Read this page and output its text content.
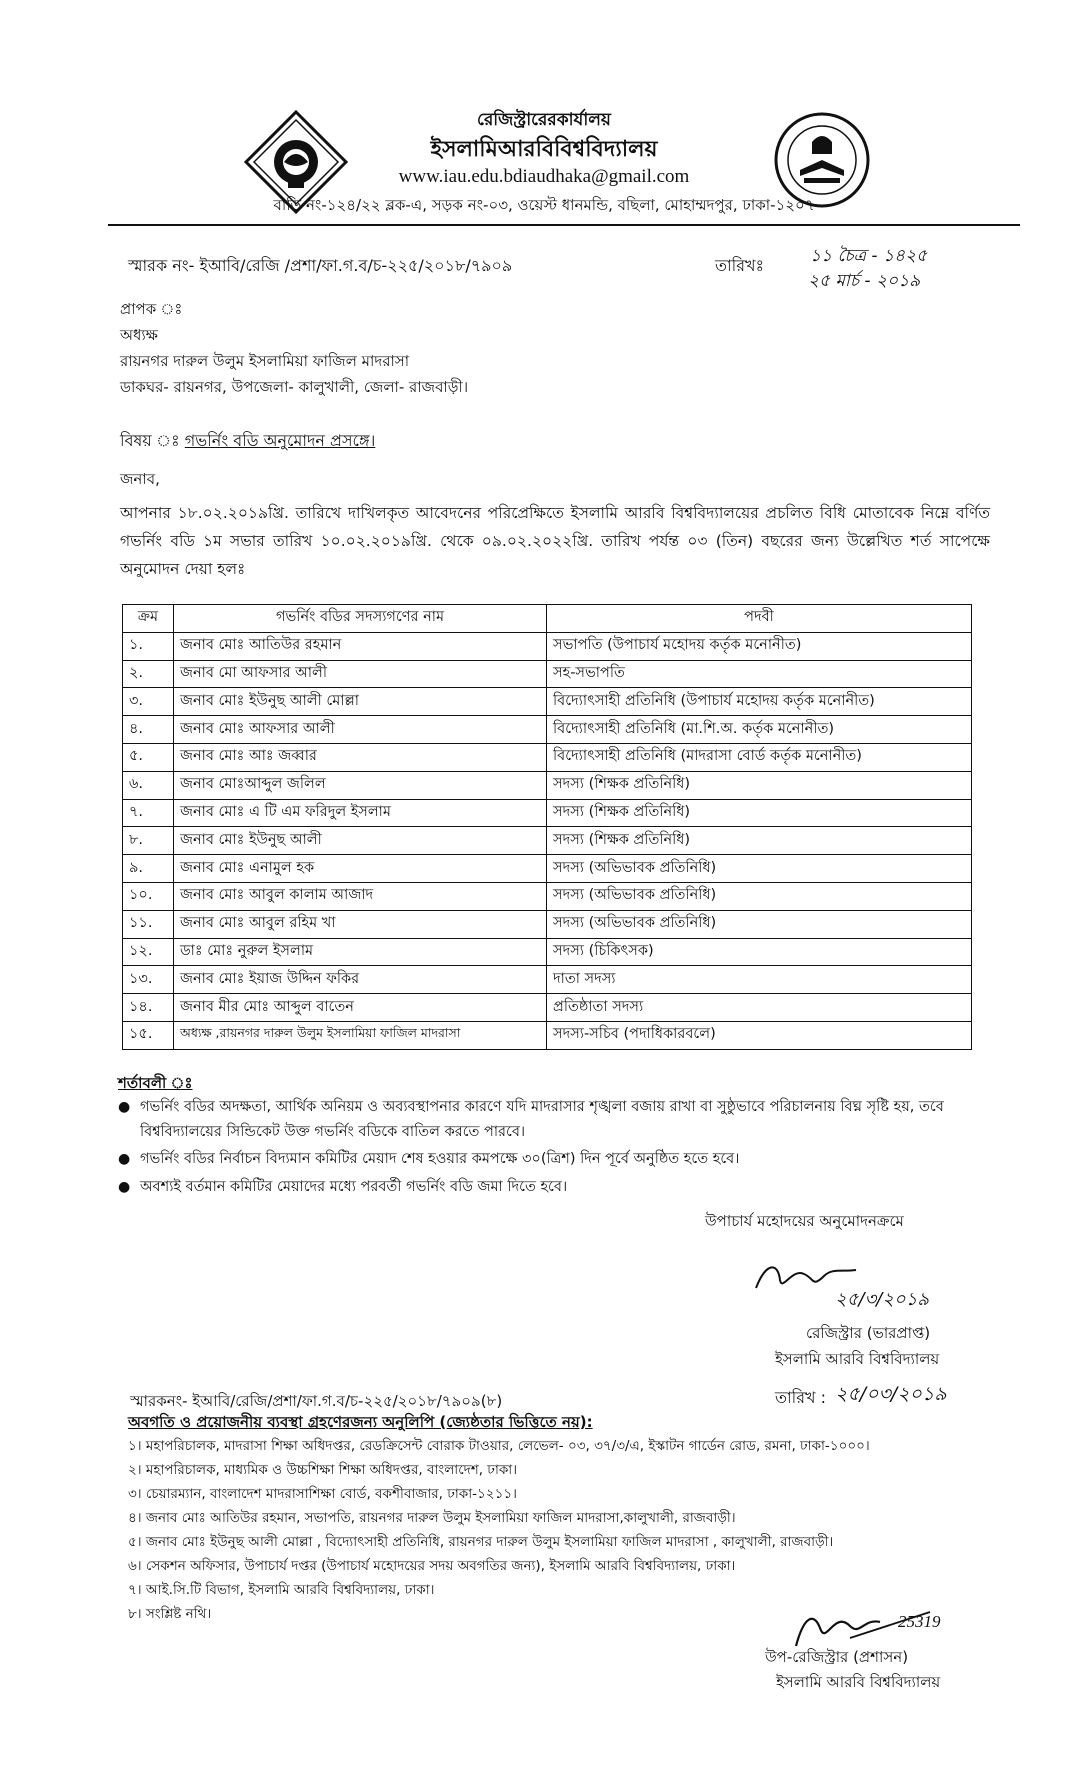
রেজিস্ট্রারেরকার্যালয়
ইসলামিআরবিবিশ্ববিদ্যালয়
www.iau.edu.bdiaudhaka@gmail.com
বাড়ি নং-১২৪/২২ ব্লক-এ, সড়ক নং-০৩, ওয়েস্ট ধানমন্ডি, বছিলা, মোহাম্মদপুর, ঢাকা-১২০৭
স্মারক নং- ইআবি/রেজি /প্রশা/ফা.গ.ব/চ-২২৫/২০১৮/৭৯০৯	তারিখঃ	১১ চৈত্র - ১৪২৫
২৫ মার্চ - ২০১৯
প্রাপক ঃ
অধ্যক্ষ
রায়নগর দারুল উলুম ইসলামিয়া ফাজিল মাদরাসা
ডাকঘর- রায়নগর, উপজেলা- কালুখালী, জেলা- রাজবাড়ী।
বিষয় ঃ গভর্নিং বডি অনুমোদন প্রসঙ্গে।
জনাব,
আপনার ১৮.০২.২০১৯খ্রি. তারিখে দাখিলকৃত আবেদনের পরিপ্রেক্ষিতে ইসলামি আরবি বিশ্ববিদ্যালয়ের প্রচলিত বিধি মোতাবেক নিম্নে বর্ণিত গভর্নিং বডি ১ম সভার তারিখ ১০.০২.২০১৯খ্রি. থেকে ০৯.০২.২০২২খ্রি. তারিখ পর্যন্ত ০৩ (তিন) বছরের জন্য উল্লেখিত শর্ত সাপেক্ষে অনুমোদন দেয়া হলঃ
ক্রম	গভর্নিং বডির সদস্যগণের নাম	পদবী
১.	জনাব মোঃ আতিউর রহমান	সভাপতি (উপাচার্য মহোদয় কর্তৃক মনোনীত)
২.	জনাব মো আফসার আলী	সহ-সভাপতি
৩.	জনাব মোঃ ইউনুছ আলী মোল্লা	বিদ্যোৎসাহী প্রতিনিধি (উপাচার্য মহোদয় কর্তৃক মনোনীত)
৪.	জনাব মোঃ আফসার আলী	বিদ্যোৎসাহী প্রতিনিধি (মা.শি.অ. কর্তৃক মনোনীত)
৫.	জনাব মোঃ আঃ জব্বার	বিদ্যোৎসাহী প্রতিনিধি (মাদরাসা বোর্ড কর্তৃক মনোনীত)
৬.	জনাব মোঃআব্দুল জলিল	সদস্য (শিক্ষক প্রতিনিধি)
৭.	জনাব মোঃ এ টি এম ফরিদুল ইসলাম	সদস্য (শিক্ষক প্রতিনিধি)
৮.	জনাব মোঃ ইউনুছ আলী	সদস্য (শিক্ষক প্রতিনিধি)
৯.	জনাব মোঃ এনামুল হক	সদস্য (অভিভাবক প্রতিনিধি)
১০.	জনাব মোঃ আবুল কালাম আজাদ	সদস্য (অভিভাবক প্রতিনিধি)
১১.	জনাব মোঃ আবুল রহিম খা	সদস্য (অভিভাবক প্রতিনিধি)
১২.	ডাঃ মোঃ নুরুল ইসলাম	সদস্য (চিকিৎসক)
১৩.	জনাব মোঃ ইয়াজ উদ্দিন ফকির	দাতা সদস্য
১৪.	জনাব মীর মোঃ আব্দুল বাতেন	প্রতিষ্ঠাতা সদস্য
১৫.	অধ্যক্ষ ,রায়নগর দারুল উলুম ইসলামিয়া ফাজিল মাদরাসা	সদস্য-সচিব (পদাধিকারবলে)
শর্তাবলী ঃ
● গভর্নিং বডির অদক্ষতা, আর্থিক অনিয়ম ও অব্যবস্থাপনার কারণে যদি মাদরাসার শৃঙ্খলা বজায় রাখা বা সুষ্ঠুভাবে পরিচালনায় বিঘ্ন সৃষ্টি হয়, তবে বিশ্ববিদ্যালয়ের সিন্ডিকেট উক্ত গভর্নিং বডিকে বাতিল করতে পারবে।
● গভর্নিং বডির নির্বাচন বিদ্যমান কমিটির মেয়াদ শেষ হওয়ার কমপক্ষে ৩০(ত্রিশ) দিন পূর্বে অনুষ্ঠিত হতে হবে।
● অবশ্যই বর্তমান কমিটির মেয়াদের মধ্যে পরবর্তী গভর্নিং বডি জমা দিতে হবে।
উপাচার্য মহোদয়ের অনুমোদনক্রমে
২৫/৩/২০১৯
রেজিস্ট্রার (ভারপ্রাপ্ত)
ইসলামি আরবি বিশ্ববিদ্যালয়
স্মারকনং- ইআবি/রেজি/প্রশা/ফা.গ.ব/চ-২২৫/২০১৮/৭৯০৯(৮)	তারিখ : ২৫/০৩/২০১৯
অবগতি ও প্রয়োজনীয় ব্যবস্থা গ্রহণেরজন্য অনুলিপি (জ্যেষ্ঠতার ভিত্তিতে নয়):
১। মহাপরিচালক, মাদরাসা শিক্ষা অধিদপ্তর, রেডক্রিসেন্ট বোরাক টাওয়ার, লেভেল- ০৩, ৩৭/৩/এ, ইস্কাটন গার্ডেন রোড, রমনা, ঢাকা-১০০০।
২। মহাপরিচালক, মাধ্যমিক ও উচ্চশিক্ষা শিক্ষা অধিদপ্তর, বাংলাদেশ, ঢাকা।
৩। চেয়ারম্যান, বাংলাদেশ মাদরাসাশিক্ষা বোর্ড, বকশীবাজার, ঢাকা-১২১১।
৪। জনাব মোঃ আতিউর রহমান, সভাপতি, রায়নগর দারুল উলুম ইসলামিয়া ফাজিল মাদরাসা,কালুখালী, রাজবাড়ী।
৫। জনাব মোঃ ইউনুছ আলী মোল্লা , বিদ্যোৎসাহী প্রতিনিধি, রায়নগর দারুল উলুম ইসলামিয়া ফাজিল মাদরাসা , কালুখালী, রাজবাড়ী।
৬। সেকশন অফিসার, উপাচার্য দপ্তর (উপাচার্য মহোদয়ের সদয় অবগতির জন্য), ইসলামি আরবি বিশ্ববিদ্যালয়, ঢাকা।
৭। আই.সি.টি বিভাগ, ইসলামি আরবি বিশ্ববিদ্যালয়, ঢাকা।
৮। সংশ্লিষ্ট নথি।	25319
উপ-রেজিস্ট্রার (প্রশাসন)
ইসলামি আরবি বিশ্ববিদ্যালয়
